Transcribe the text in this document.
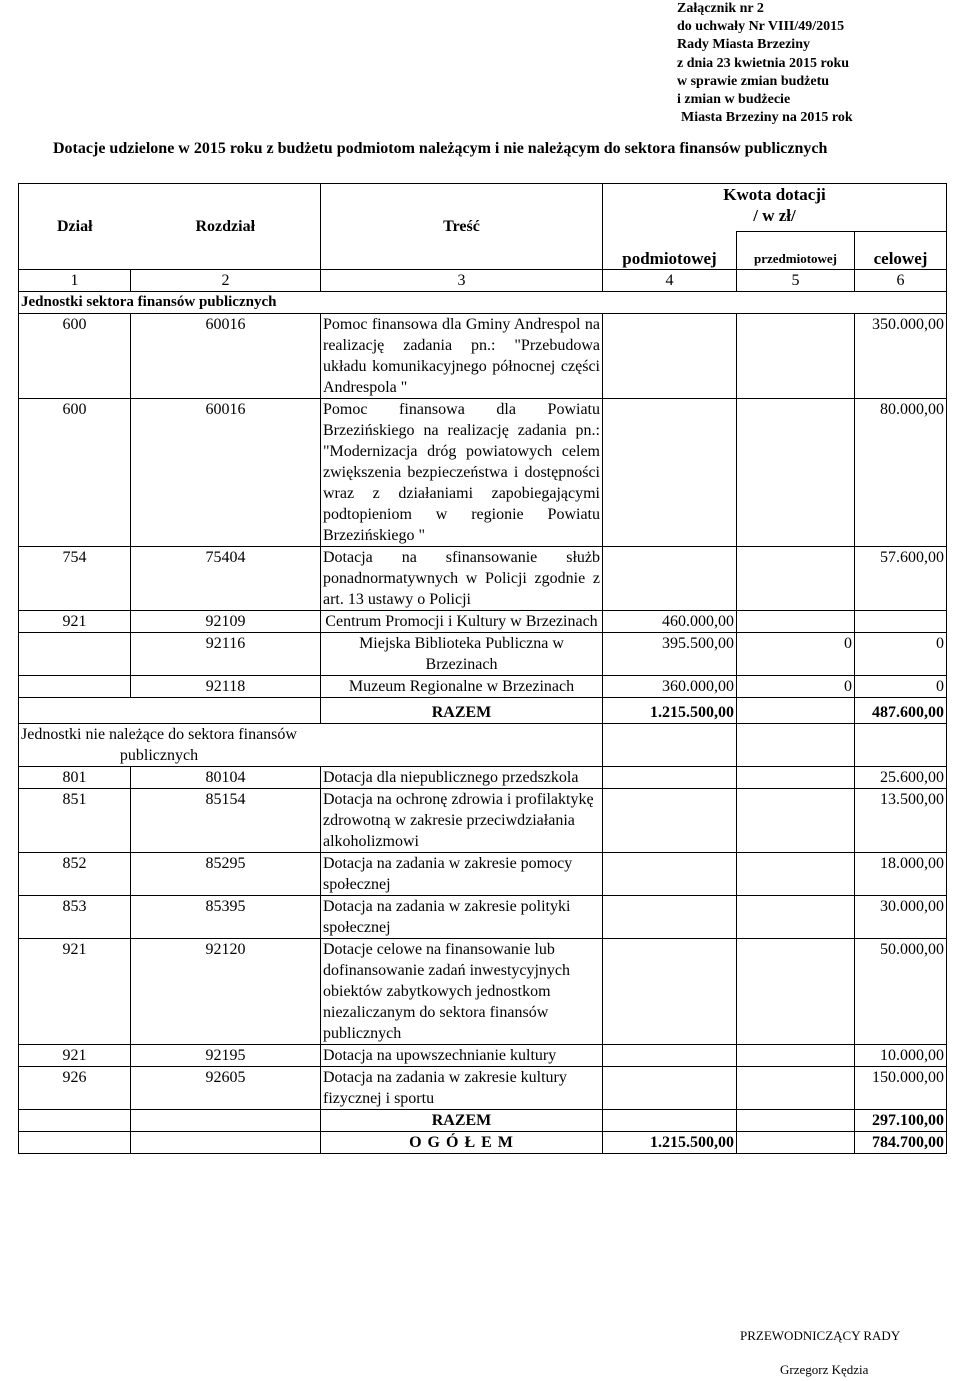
Załącznik nr 2
do uchwały Nr VIII/49/2015
Rady Miasta Brzeziny
z dnia 23 kwietnia 2015 roku
w sprawie zmian budżetu
i zmian w budżecie
Miasta Brzeziny na 2015 rok
Dotacje udzielone w 2015 roku z budżetu podmiotom należącym i nie należącym do sektora finansów publicznych
Dział	Rozdział	Treść	Kwota dotacji
/ w zł/		

			podmiotowej	przedmiotowej	celowej
1	2	3	4	5	6
Jednostki sektora finansów publicznych					
600	60016	Pomoc finansowa dla Gminy Andrespol na realizację zadania pn.: "Przebudowa układu komunikacyjnego północnej części Andrespola "			350.000,00
600	60016	Pomoc finansowa dla Powiatu Brzezińskiego na realizację zadania pn.: "Modernizacja dróg powiatowych celem zwiększenia bezpieczeństwa i dostępności wraz z działaniami zapobiegającymi podtopieniom w regionie Powiatu Brzezińskiego "			80.000,00
754	75404	Dotacja na sfinansowanie służb ponadnormatywnych w Policji zgodnie z art. 13 ustawy o Policji			57.600,00
921	92109	Centrum Promocji i Kultury w Brzezinach	460.000,00		
	92116	Miejska Biblioteka Publiczna w Brzezinach	395.500,00	0	0
	92118	Muzeum Regionalne w Brzezinach	360.000,00	0	0
		RAZEM	1.215.500,00		487.600,00

Jednostki nie należące do sektora finansów publicznych					

801	80104	Dotacja dla niepublicznego przedszkola			25.600,00
851	85154	Dotacja na ochronę zdrowia i profilaktykę zdrowotną w zakresie przeciwdziałania alkoholizmowi			13.500,00
852	85295	Dotacja na zadania w zakresie pomocy społecznej			18.000,00
853	85395	Dotacja na zadania w zakresie polityki społecznej			30.000,00
921	92120	Dotacje celowe na finansowanie lub dofinansowanie zadań inwestycyjnych obiektów zabytkowych jednostkom niezaliczanym do sektora finansów publicznych			50.000,00
921	92195	Dotacja na upowszechnianie kultury			10.000,00
926	92605	Dotacja na zadania w zakresie kultury fizycznej i sportu			150.000,00
		RAZEM			297.100,00
		O G Ó Ł E M	1.215.500,00		784.700,00
PRZEWODNICZĄCY RADY
Grzegorz Kędzia
